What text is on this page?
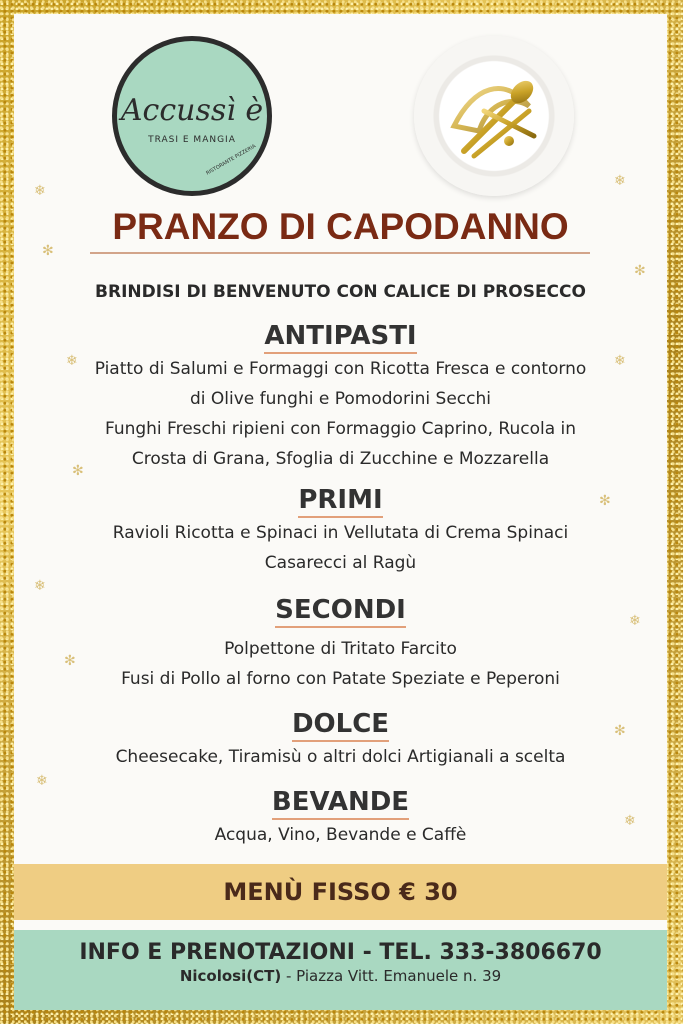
❄
✻
❄
✻
❄
✻
❄
❄
✻
❄
✻
❄
✻
❄
Accussì è
TRASI E MANGIA
RISTORANTE PIZZERIA
PRANZO DI CAPODANNO
BRINDISI DI BENVENUTO CON CALICE DI PROSECCO
ANTIPASTI
Piatto di Salumi e Formaggi con Ricotta Fresca e contorno
di Olive funghi e Pomodorini Secchi
Funghi Freschi ripieni con Formaggio Caprino, Rucola in
Crosta di Grana, Sfoglia di Zucchine e Mozzarella
PRIMI
Ravioli Ricotta e Spinaci in Vellutata di Crema Spinaci
Casarecci al Ragù
SECONDI
Polpettone di Tritato Farcito
Fusi di Pollo al forno con Patate Speziate e Peperoni
DOLCE
Cheesecake, Tiramisù o altri dolci Artigianali a scelta
BEVANDE
Acqua, Vino, Bevande e Caffè
MENÙ FISSO € 30
INFO E PRENOTAZIONI - TEL. 333-3806670
Nicolosi(CT) - Piazza Vitt. Emanuele n. 39
